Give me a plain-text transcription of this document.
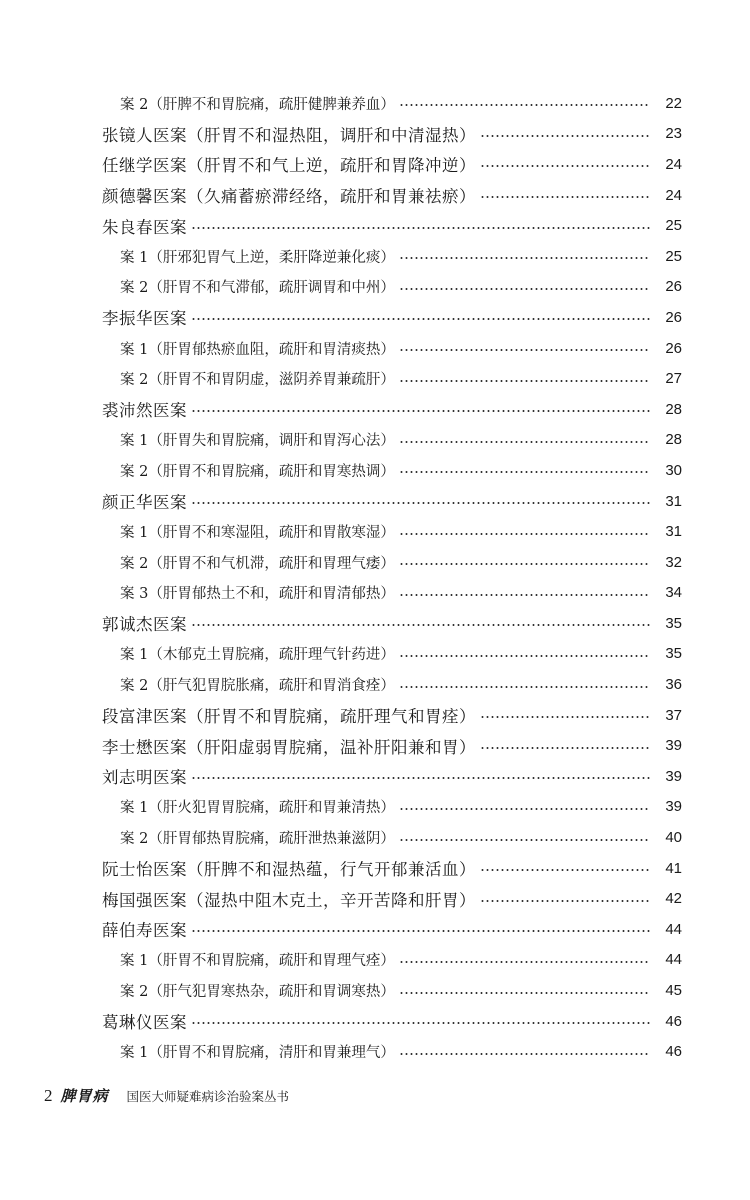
案 2（肝脾不和胃脘痛，疏肝健脾兼养血）	22
张镜人医案（肝胃不和湿热阻，调肝和中清湿热）	23
任继学医案（肝胃不和气上逆，疏肝和胃降冲逆）	24
颜德馨医案（久痛蓄瘀滞经络，疏肝和胃兼祛瘀）	24
朱良春医案	25
案 1（肝邪犯胃气上逆，柔肝降逆兼化痰）	25
案 2（肝胃不和气滞郁，疏肝调胃和中州）	26
李振华医案	26
案 1（肝胃郁热瘀血阻，疏肝和胃清痰热）	26
案 2（肝胃不和胃阴虚，滋阴养胃兼疏肝）	27
裘沛然医案	28
案 1（肝胃失和胃脘痛，调肝和胃泻心法）	28
案 2（肝胃不和胃脘痛，疏肝和胃寒热调）	30
颜正华医案	31
案 1（肝胃不和寒湿阻，疏肝和胃散寒湿）	31
案 2（肝胃不和气机滞，疏肝和胃理气痿）	32
案 3（肝胃郁热土不和，疏肝和胃清郁热）	34
郭诚杰医案	35
案 1（木郁克土胃脘痛，疏肝理气针药进）	35
案 2（肝气犯胃脘胀痛，疏肝和胃消食痊）	36
段富津医案（肝胃不和胃脘痛，疏肝理气和胃痊）	37
李士懋医案（肝阳虚弱胃脘痛，温补肝阳兼和胃）	39
刘志明医案	39
案 1（肝火犯胃胃脘痛，疏肝和胃兼清热）	39
案 2（肝胃郁热胃脘痛，疏肝泄热兼滋阴）	40
阮士怡医案（肝脾不和湿热蕴，行气开郁兼活血）	41
梅国强医案（湿热中阻木克土，辛开苦降和肝胃）	42
薛伯寿医案	44
案 1（肝胃不和胃脘痛，疏肝和胃理气痊）	44
案 2（肝气犯胃寒热杂，疏肝和胃调寒热）	45
葛琳仪医案	46
案 1（肝胃不和胃脘痛，清肝和胃兼理气）	46
2 脾胃病 国医大师疑难病诊治验案丛书
